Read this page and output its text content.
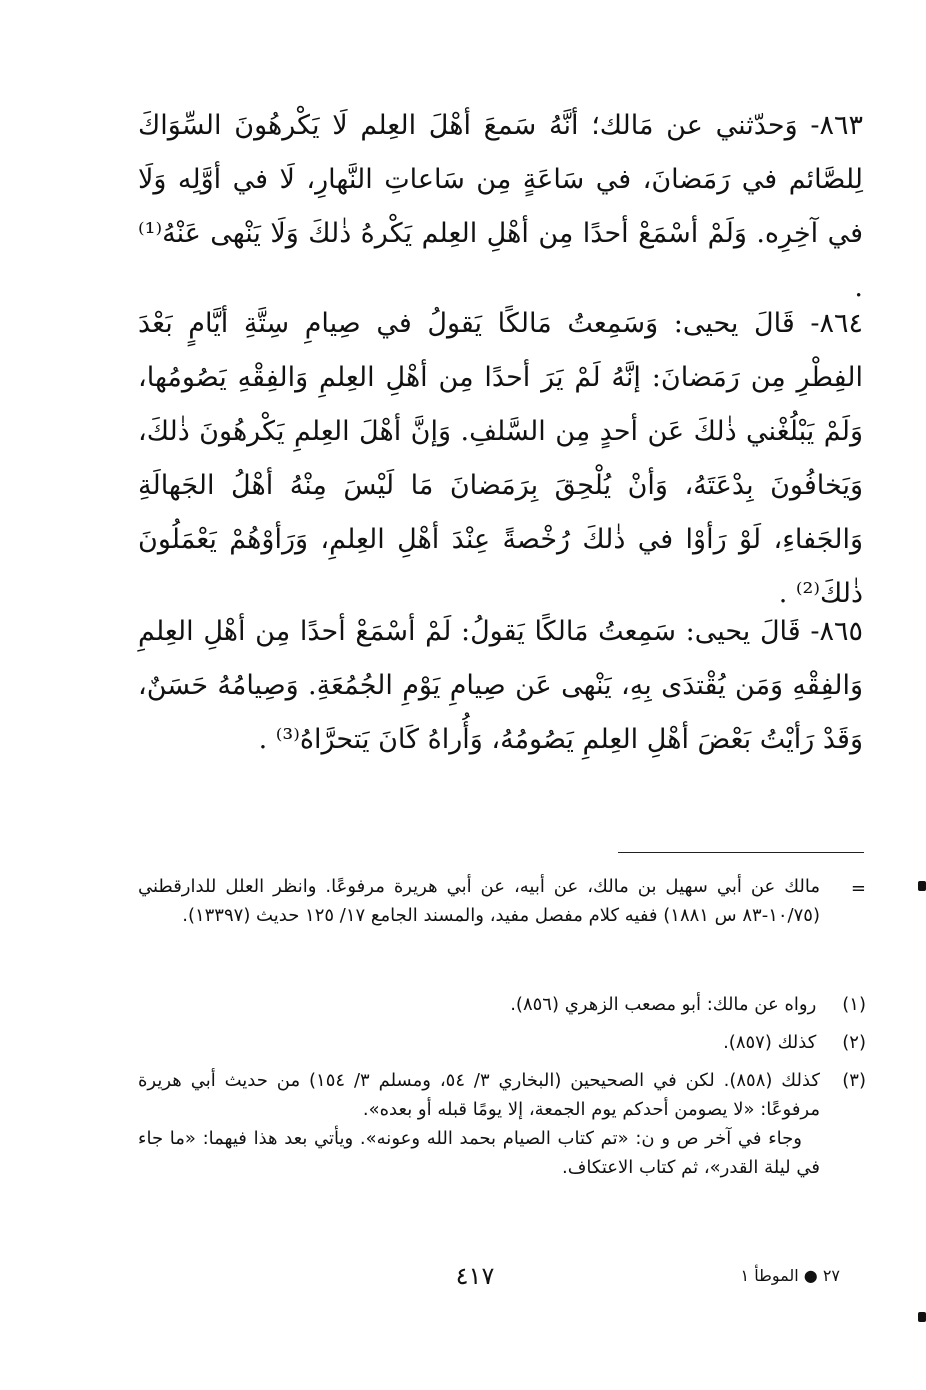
٨٦٣- وَحدّثني عن مَالك؛ أنَّهُ سَمعَ أهْلَ العِلم لَا يَكْرهُونَ السِّوَاكَ لِلصَّائم في رَمَضانَ، في سَاعَةٍ مِن سَاعاتِ النَّهارِ، لَا في أوَّلِه وَلَا في آخِرِه. وَلَمْ أسْمَعْ أحدًا مِن أهْلِ العِلم يَكْرهُ ذٰلكَ وَلَا يَنْهى عَنْهُ⁽¹⁾ .

٨٦٤- قَالَ يحيى: وَسَمِعتُ مَالكًا يَقولُ في صِيامِ سِتَّةِ أيَّامٍ بَعْدَ الفِطْرِ مِن رَمَضانَ: إنَّهُ لَمْ يَرَ أحدًا مِن أهْلِ العِلمِ وَالفِقْهِ يَصُومُها، وَلَمْ يَبْلُغْني ذٰلكَ عَن أحدٍ مِن السَّلفِ. وَإنَّ أهْلَ العِلمِ يَكْرهُونَ ذٰلكَ، وَيَخافُونَ بِدْعَتَهُ، وَأنْ يُلْحِقَ بِرَمَضانَ مَا لَيْسَ مِنْهُ أهْلُ الجَهالَةِ وَالجَفاءِ، لَوْ رَأوْا في ذٰلكَ رُخْصةً عِنْدَ أهْلِ العِلمِ، وَرَأوْهُمْ يَعْمَلُونَ ذٰلكَ⁽²⁾ .

٨٦٥- قَالَ يحيى: سَمِعتُ مَالكًا يَقولُ: لَمْ أسْمَعْ أحدًا مِن أهْلِ العِلمِ وَالفِقْهِ وَمَن يُقْتدَى بِهِ، يَنْهى عَن صِيامِ يَوْمِ الجُمُعَةِ. وَصِيامُهُ حَسَنٌ، وَقَدْ رَأيْتُ بَعْضَ أهْلِ العِلمِ يَصُومُهُ، وَأُراهُ كَانَ يَتحرَّاهُ⁽³⁾ .

=
مالك عن أبي سهيل بن مالك، عن أبيه، عن أبي هريرة مرفوعًا. وانظر العلل للدارقطني (١٠/٧٥-٨٣ س ١٨٨١) ففيه كلام مفصل مفيد، والمسند الجامع ١٧/ ١٢٥ حديث (١٣٣٩٧).
(١) رواه عن مالك: أبو مصعب الزهري (٨٥٦).
(٢) كذلك (٨٥٧).
(٣)
كذلك (٨٥٨). لكن في الصحيحين (البخاري ٣/ ٥٤، ومسلم ٣/ ١٥٤) من حديث أبي هريرة مرفوعًا: «لا يصومن أحدكم يوم الجمعة، إلا يومًا قبله أو بعده».
وجاء في آخر ص و ن: «تم كتاب الصيام بحمد الله وعونه». ويأتي بعد هذا فيهما: «ما جاء في ليلة القدر»، ثم كتاب الاعتكاف.
٤١٧	٢٧ ● الموطأ ١
